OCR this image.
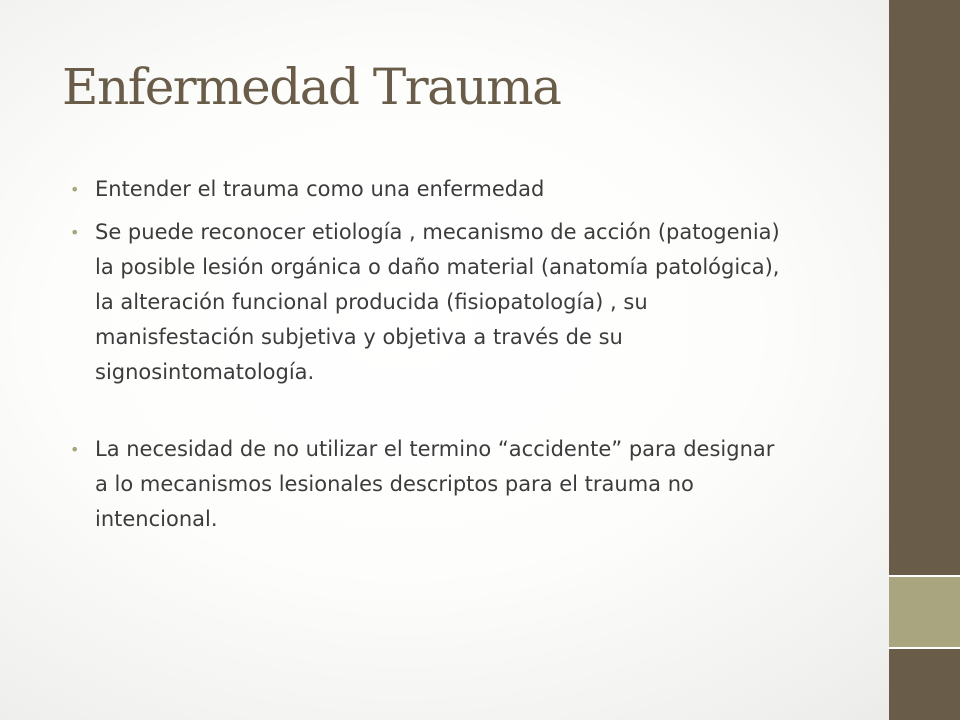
Enfermedad Trauma
• Entender el trauma como una enfermedad
• Se puede reconocer etiología , mecanismo de acción (patogenia) la posible lesión orgánica o daño material (anatomía patológica), la alteración funcional producida (fisiopatología) , su manisfestación subjetiva y objetiva a través de su signosintomatología.
• La necesidad de no utilizar el termino “accidente” para designar a lo mecanismos lesionales descriptos para el trauma no intencional.
